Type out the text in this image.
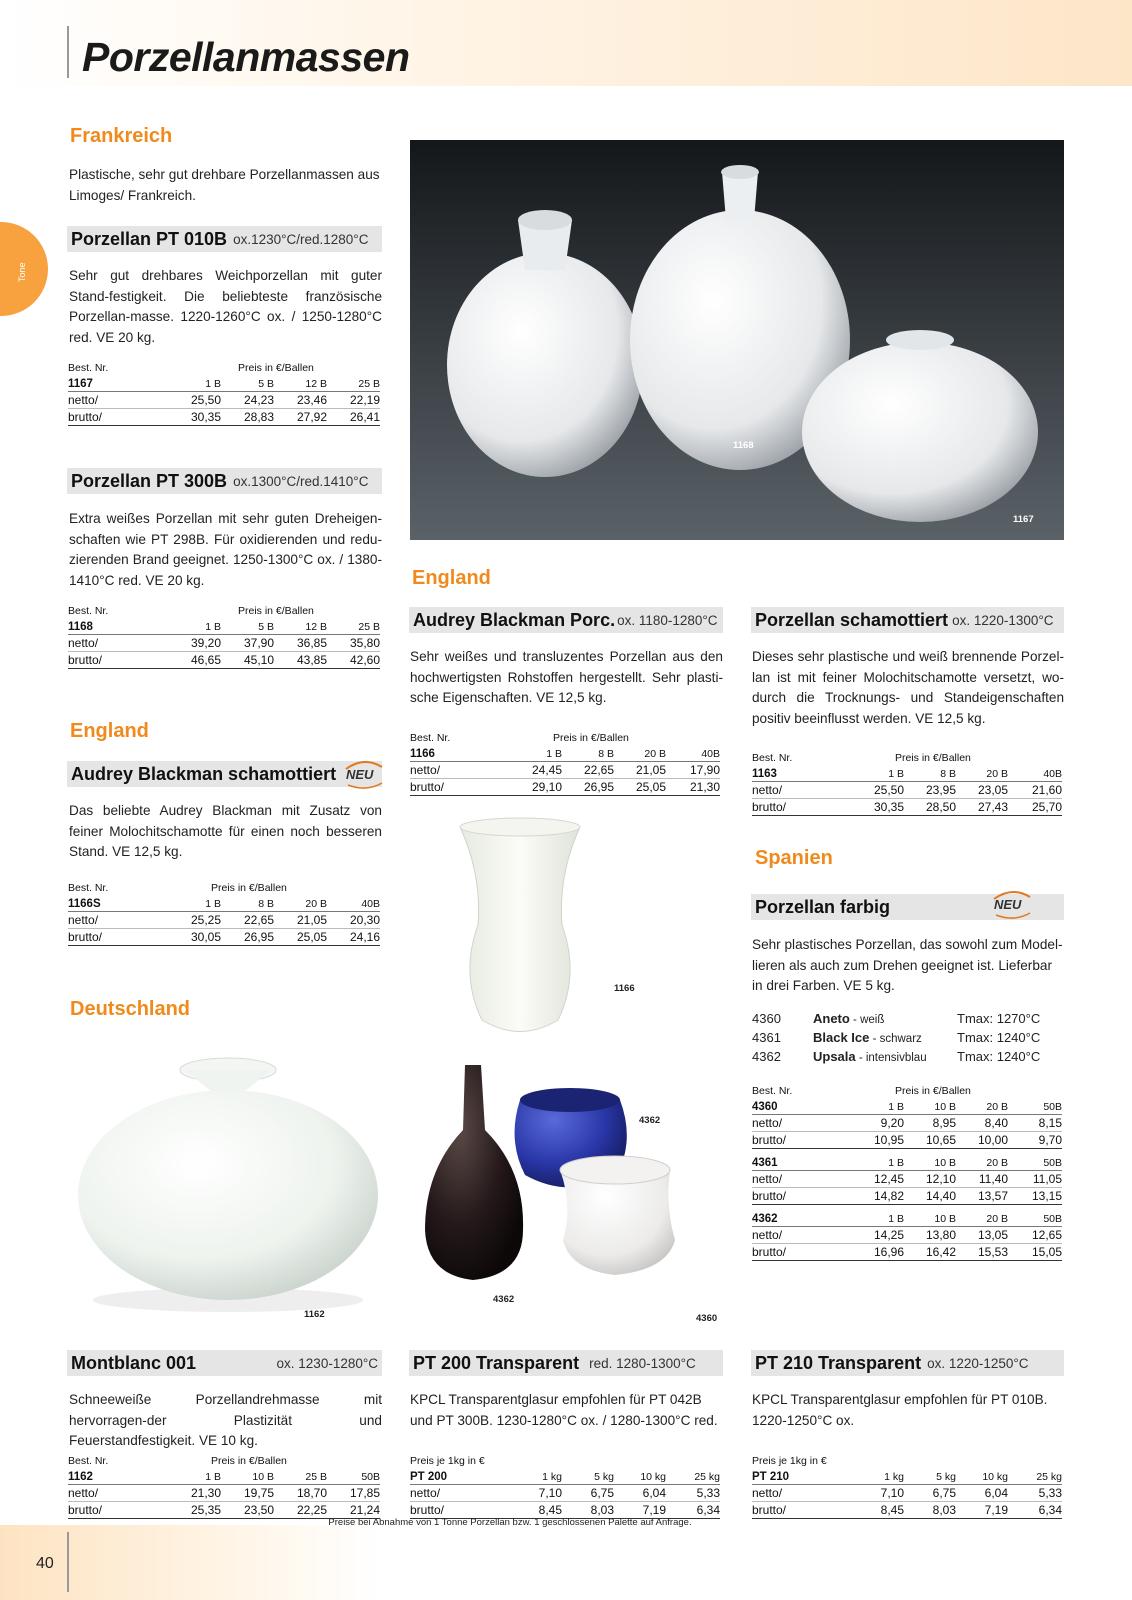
Porzellanmassen
Tone
Frankreich
Plastische, sehr gut drehbare Porzellanmassen aus Limoges/ Frankreich.
Porzellan PT 010B ox.1230°C/red.1280°C
Sehr gut drehbares Weichporzellan mit guter Stand-festigkeit. Die beliebteste französische Porzellan-masse. 1220-1260°C ox. / 1250-1280°C red. VE 20 kg.
Best. Nr.	Preis in €/Ballen
1167	1 B	5 B	12 B	25 B
netto/	25,50	24,23	23,46	22,19
brutto/	30,35	28,83	27,92	26,41
Porzellan PT 300B ox.1300°C/red.1410°C
Extra weißes Porzellan mit sehr guten Dreheigen-schaften wie PT 298B. Für oxidierenden und redu-zierenden Brand geeignet. 1250-1300°C ox. / 1380-1410°C red. VE 20 kg.
Best. Nr.	Preis in €/Ballen
1168	1 B	5 B	12 B	25 B
netto/	39,20	37,90	36,85	35,80
brutto/	46,65	45,10	43,85	42,60
England
Audrey Blackman schamottiert NEU
Das beliebte Audrey Blackman mit Zusatz von feiner Molochitschamotte für einen noch besseren Stand. VE 12,5 kg.
Best. Nr.	Preis in €/Ballen
1166S	1 B	8 B	20 B	40B
netto/	25,25	22,65	21,05	20,30
brutto/	30,05	26,95	25,05	24,16
Deutschland
1162
Montblanc 001	ox. 1230-1280°C
Schneeweiße Porzellandrehmasse mit hervorragen-der Plastizität und Feuerstandfestigkeit. VE 10 kg.
Best. Nr.	Preis in €/Ballen
1162	1 B	10 B	25 B	50B
netto/	21,30	19,75	18,70	17,85
brutto/	25,35	23,50	22,25	21,24
1168
1167
England
Audrey Blackman Porc. ox. 1180-1280°C
Sehr weißes und transluzentes Porzellan aus den hochwertigsten Rohstoffen hergestellt. Sehr plasti-sche Eigenschaften. VE 12,5 kg.
Best. Nr.	Preis in €/Ballen
1166	1 B	8 B	20 B	40B
netto/	24,45	22,65	21,05	17,90
brutto/	29,10	26,95	25,05	21,30
1166
4362
4362
4360
PT 200 Transparent red. 1280-1300°C
KPCL Transparentglasur empfohlen für PT 042B und PT 300B. 1230-1280°C ox. / 1280-1300°C red.
Preis je 1kg in €
PT 200	1 kg	5 kg	10 kg	25 kg
netto/	7,10	6,75	6,04	5,33
brutto/	8,45	8,03	7,19	6,34
Porzellan schamottiert ox. 1220-1300°C
Dieses sehr plastische und weiß brennende Porzel-lan ist mit feiner Molochitschamotte versetzt, wo-durch die Trocknungs- und Standeigenschaften positiv beeinflusst werden. VE 12,5 kg.
Best. Nr.	Preis in €/Ballen
1163	1 B	8 B	20 B	40B
netto/	25,50	23,95	23,05	21,60
brutto/	30,35	28,50	27,43	25,70
Spanien
Porzellan farbig	NEU
Sehr plastisches Porzellan, das sowohl zum Model-lieren als auch zum Drehen geeignet ist. Lieferbar in drei Farben. VE 5 kg.
4360	Aneto - weiß	Tmax: 1270°C
4361	Black Ice - schwarz	Tmax: 1240°C
4362	Upsala - intensivblau	Tmax: 1240°C
Best. Nr.	Preis in €/Ballen
4360	1 B	10 B	20 B	50B
netto/	9,20	8,95	8,40	8,15
brutto/	10,95	10,65	10,00	9,70
4361	1 B	10 B	20 B	50B
netto/	12,45	12,10	11,40	11,05
brutto/	14,82	14,40	13,57	13,15
4362	1 B	10 B	20 B	50B
netto/	14,25	13,80	13,05	12,65
brutto/	16,96	16,42	15,53	15,05
PT 210 Transparent ox. 1220-1250°C
KPCL Transparentglasur empfohlen für PT 010B. 1220-1250°C ox.
Preis je 1kg in €
PT 210	1 kg	5 kg	10 kg	25 kg
netto/	7,10	6,75	6,04	5,33
brutto/	8,45	8,03	7,19	6,34
40
Preise bei Abnahme von 1 Tonne Porzellan bzw. 1 geschlossenen Palette auf Anfrage.
